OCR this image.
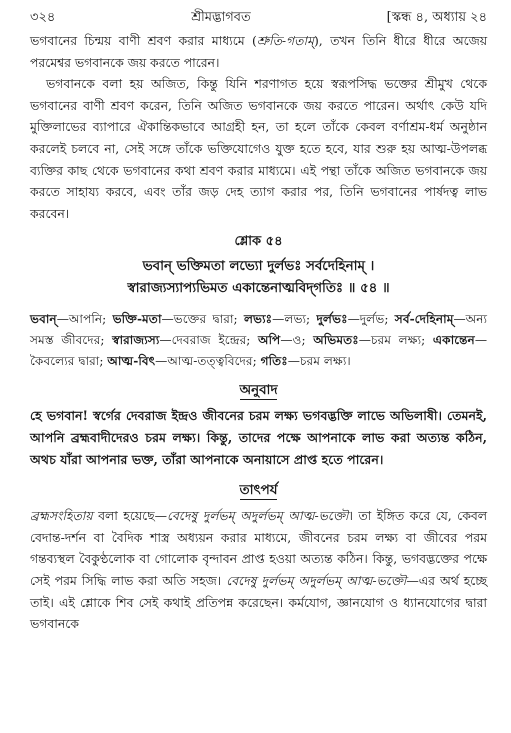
৩২৪	শ্রীমদ্ভাগবত	[স্কন্ধ ৪, অধ্যায় ২৪

ভগবানের চিন্ময় বাণী শ্রবণ করার মাধ্যমে (শ্রুতি-গতাম্), তখন তিনি ধীরে ধীরে অজেয় পরমেশ্বর ভগবানকে জয় করতে পারেন।

ভগবানকে বলা হয় অজিত, কিন্তু যিনি শরণাগত হয়ে স্বরূপসিদ্ধ ভক্তের শ্রীমুখ থেকে ভগবানের বাণী শ্রবণ করেন, তিনি অজিত ভগবানকে জয় করতে পারেন। অর্থাৎ কেউ যদি মুক্তিলাভের ব্যাপারে ঐকান্তিকভাবে আগ্রহী হন, তা হলে তাঁকে কেবল বর্ণাশ্রম-ধর্ম অনুষ্ঠান করলেই চলবে না, সেই সঙ্গে তাঁকে ভক্তিযোগেও যুক্ত হতে হবে, যার শুরু হয় আত্ম-উপলব্ধ ব্যক্তির কাছ থেকে ভগবানের কথা শ্রবণ করার মাধ্যমে। এই পন্থা তাঁকে অজিত ভগবানকে জয় করতে সাহায্য করবে, এবং তাঁর জড় দেহ ত্যাগ করার পর, তিনি ভগবানের পার্ষদত্ব লাভ করবেন।

শ্লোক ৫৪

ভবান্ ভক্তিমতা লভ্যো দুর্লভঃ সর্বদেহিনাম্ ।

স্বারাজ্যস্যাপ্যভিমত একান্তেনাত্মবিদ্‌গতিঃ ॥ ৫৪ ॥

ভবান্—আপনি; ভক্তি-মতা—ভক্তের দ্বারা; লভ্যঃ—লভ্য; দুর্লভঃ—দুর্লভ; সর্ব-দেহিনাম্—অন্য সমস্ত জীবদের; স্বারাজ্যস্য—দেবরাজ ইন্দ্রের; অপি—ও; অভিমতঃ—চরম লক্ষ্য; একান্তেন—কৈবল্যের দ্বারা; আত্ম-বিৎ—আত্ম-তত্ত্ববিদের; গতিঃ—চরম লক্ষ্য।

অনুবাদ

হে ভগবান! স্বর্গের দেবরাজ ইন্দ্রও জীবনের চরম লক্ষ্য ভগবদ্ভক্তি লাভে অভিলাষী। তেমনই, আপনি ব্রহ্মবাদীদেরও চরম লক্ষ্য। কিন্তু, তাদের পক্ষে আপনাকে লাভ করা অত্যন্ত কঠিন, অথচ যাঁরা আপনার ভক্ত, তাঁরা আপনাকে অনায়াসে প্রাপ্ত হতে পারেন।

তাৎপর্য

ব্রহ্মসংহিতায় বলা হয়েছে—বেদেষু দুর্লভম্ অদুর্লভম্ আত্ম-ভক্তৌ। তা ইঙ্গিত করে যে, কেবল বেদান্ত-দর্শন বা বৈদিক শাস্ত্র অধ্যয়ন করার মাধ্যমে, জীবনের চরম লক্ষ্য বা জীবের পরম গন্তব্যস্থল বৈকুণ্ঠলোক বা গোলোক বৃন্দাবন প্রাপ্ত হওয়া অত্যন্ত কঠিন। কিন্তু, ভগবদ্ভক্তের পক্ষে সেই পরম সিদ্ধি লাভ করা অতি সহজ। বেদেষু দুর্লভম্ অদুর্লভম্ আত্ম-ভক্তৌ—এর অর্থ হচ্ছে তাই। এই শ্লোকে শিব সেই কথাই প্রতিপন্ন করেছেন। কর্মযোগ, জ্ঞানযোগ ও ধ্যানযোগের দ্বারা ভগবানকে
